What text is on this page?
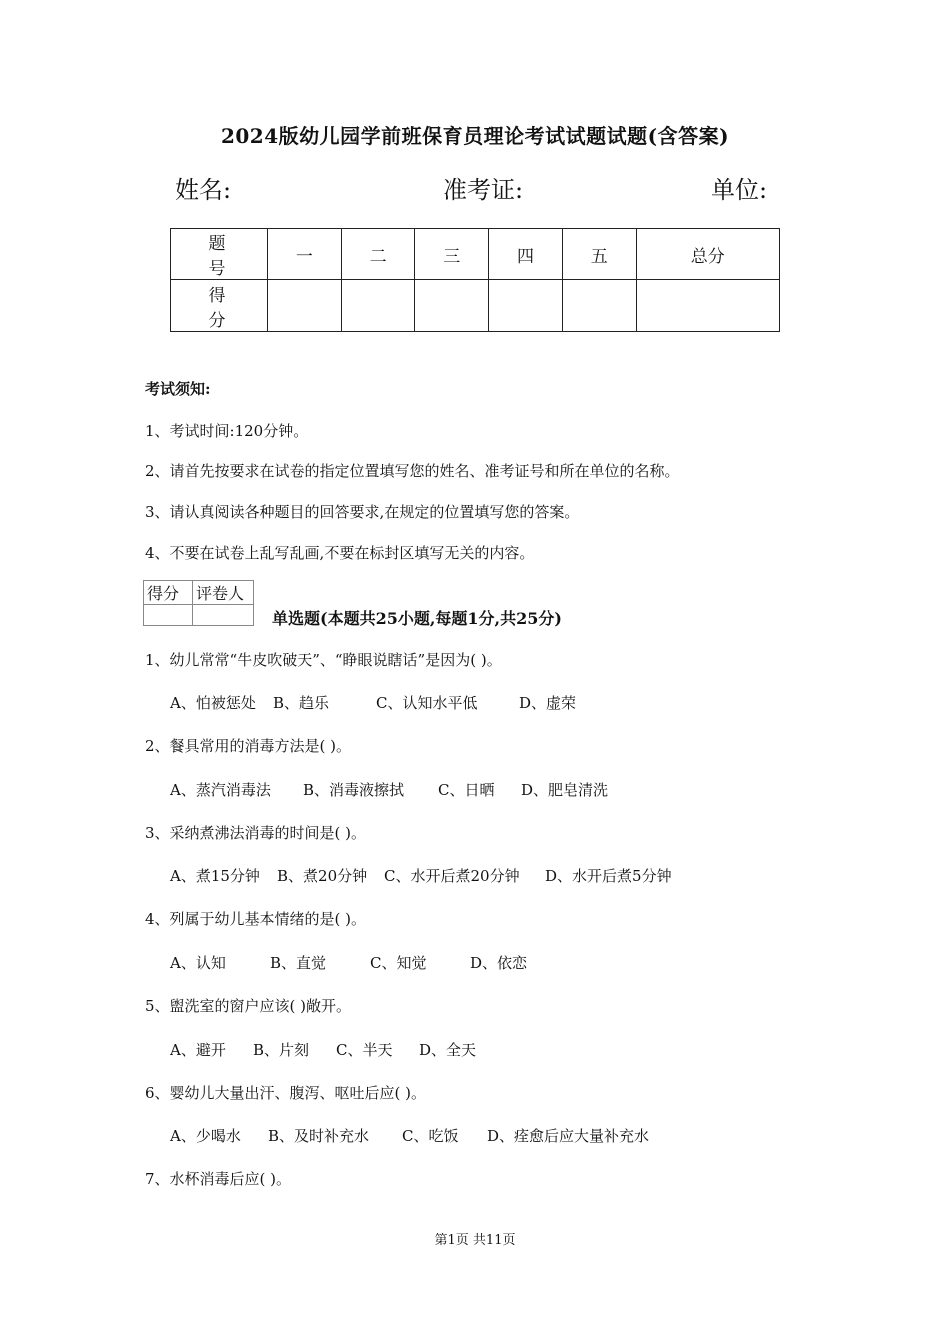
2024版幼儿园学前班保育员理论考试试题试题(含答案)
姓名:	准考证:	单位:
题　号	一	二	三	四	五	总分
得　分						
考试须知:
1、考试时间:120分钟。
2、请首先按要求在试卷的指定位置填写您的姓名、准考证号和所在单位的名称。
3、请认真阅读各种题目的回答要求,在规定的位置填写您的答案。
4、不要在试卷上乱写乱画,不要在标封区填写无关的内容。
得分	评卷人

单选题(本题共25小题,每题1分,共25分)
1、幼儿常常“牛皮吹破天”、“睁眼说瞎话”是因为( )。
A、怕被惩处 B、趋乐	C、认知水平低	D、虚荣
2、餐具常用的消毒方法是( )。
A、蒸汽消毒法 B、消毒液擦拭 C、日晒 D、肥皂清洗
3、采纳煮沸法消毒的时间是( )。
A、煮15分钟 B、煮20分钟 C、水开后煮20分钟 D、水开后煮5分钟
4、列属于幼儿基本情绪的是( )。
A、认知	B、直觉	C、知觉	D、依恋
5、盥洗室的窗户应该( )敞开。
A、避开 B、片刻 C、半天 D、全天
6、婴幼儿大量出汗、腹泻、呕吐后应( )。
A、少喝水 B、及时补充水 C、吃饭 D、痊愈后应大量补充水
7、水杯消毒后应( )。
第1页 共11页
